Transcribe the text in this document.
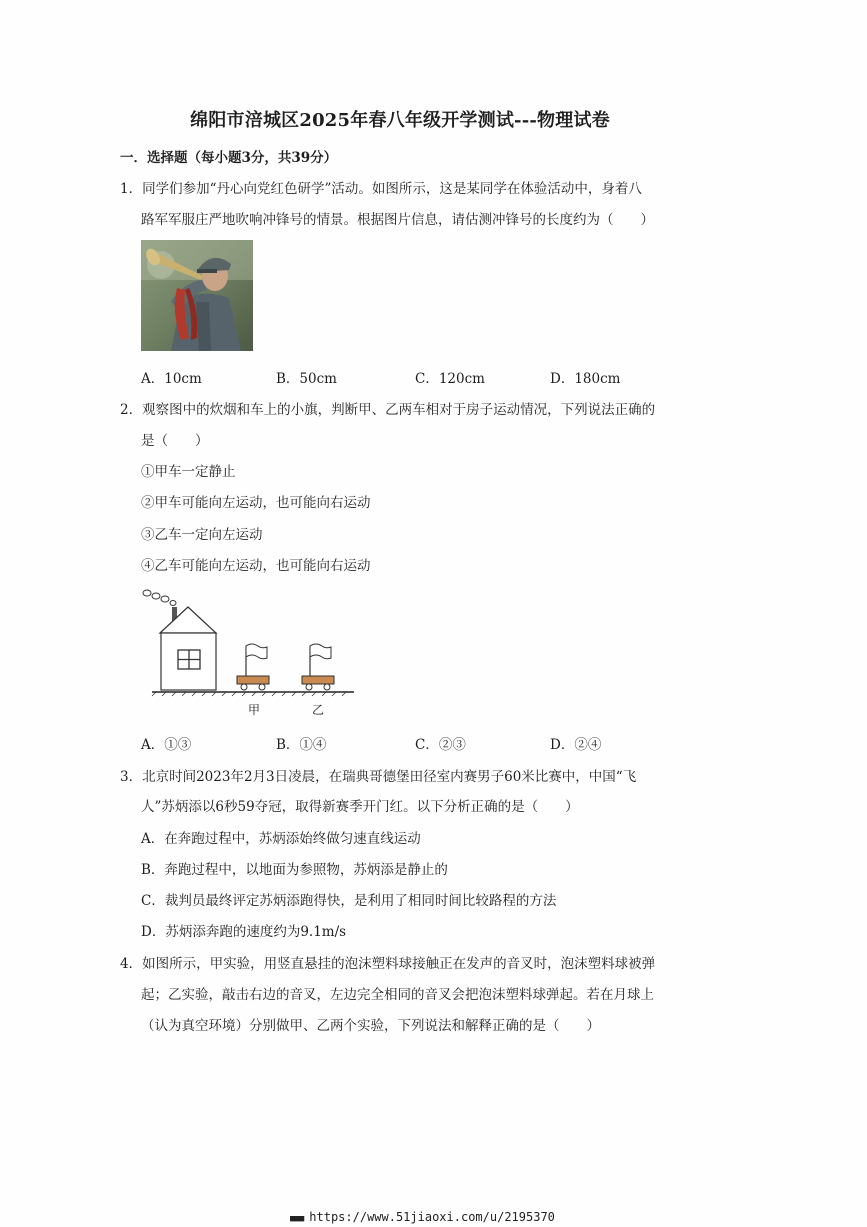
绵阳市涪城区2025年春八年级开学测试---物理试卷
一．选择题（每小题3分，共39分）
1．同学们参加“丹心向党红色研学”活动。如图所示，这是某同学在体验活动中，身着八
路军军服庄严地吹响冲锋号的情景。根据图片信息，请估测冲锋号的长度约为（　　）
A．10cm	B．50cm	C．120cm	D．180cm
2．观察图中的炊烟和车上的小旗，判断甲、乙两车相对于房子运动情况，下列说法正确的
是（　　）
①甲车一定静止
②甲车可能向左运动，也可能向右运动
③乙车一定向左运动
④乙车可能向左运动，也可能向右运动
甲	乙
A．①③	B．①④	C．②③	D．②④
3．北京时间2023年2月3日凌晨，在瑞典哥德堡田径室内赛男子60米比赛中，中国“飞
人”苏炳添以6秒59夺冠，取得新赛季开门红。以下分析正确的是（　　）
A．在奔跑过程中，苏炳添始终做匀速直线运动
B．奔跑过程中，以地面为参照物，苏炳添是静止的
C．裁判员最终评定苏炳添跑得快，是利用了相同时间比较路程的方法
D．苏炳添奔跑的速度约为9.1m/s
4．如图所示，甲实验，用竖直悬挂的泡沫塑料球接触正在发声的音叉时，泡沫塑料球被弹
起；乙实验，敲击右边的音叉，左边完全相同的音叉会把泡沫塑料球弹起。若在月球上
（认为真空环境）分别做甲、乙两个实验，下列说法和解释正确的是（　　）
■■■ https://www.51jiaoxi.com/u/2195370
